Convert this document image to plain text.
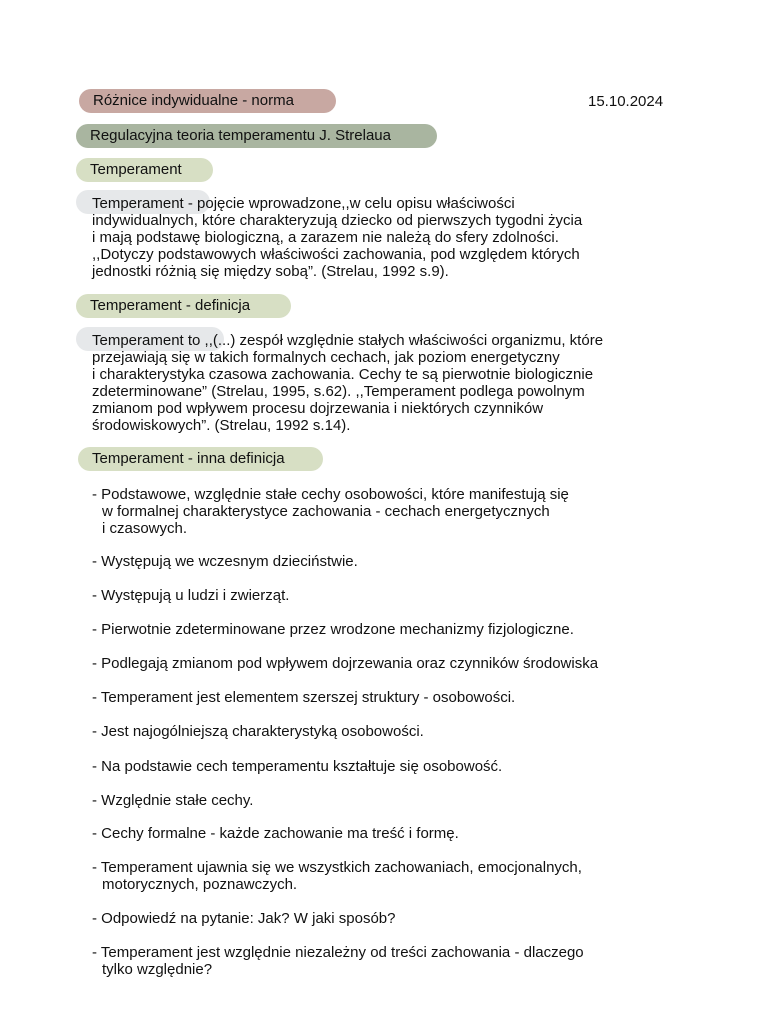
Różnice indywidualne - norma	15.10.2024
Regulacyjna teoria temperamentu J. Strelaua
Temperament

Temperament - pojęcie wprowadzone,,w celu opisu właściwości
indywidualnych, które charakteryzują dziecko od pierwszych tygodni życia
i mają podstawę biologiczną, a zarazem nie należą do sfery zdolności.
,,Dotyczy podstawowych właściwości zachowania, pod względem których
jednostki różnią się między sobą”. (Strelau, 1992 s.9).

Temperament - definicja

Temperament to ,,(...) zespół względnie stałych właściwości organizmu, które
przejawiają się w takich formalnych cechach, jak poziom energetyczny
i charakterystyka czasowa zachowania. Cechy te są pierwotnie biologicznie
zdeterminowane” (Strelau, 1995, s.62). ,,Temperament podlega powolnym
zmianom pod wpływem procesu dojrzewania i niektórych czynników
środowiskowych”. (Strelau, 1992 s.14).

Temperament - inna definicja
- Podstawowe, względnie stałe cechy osobowości, które manifestują się
w formalnej charakterystyce zachowania - cechach energetycznych
i czasowych.
- Występują we wczesnym dzieciństwie.
- Występują u ludzi i zwierząt.
- Pierwotnie zdeterminowane przez wrodzone mechanizmy fizjologiczne.
- Podlegają zmianom pod wpływem dojrzewania oraz czynników środowiska
- Temperament jest elementem szerszej struktury - osobowości.
- Jest najogólniejszą charakterystyką osobowości.
- Na podstawie cech temperamentu kształtuje się osobowość.
- Względnie stałe cechy.
- Cechy formalne - każde zachowanie ma treść i formę.
- Temperament ujawnia się we wszystkich zachowaniach, emocjonalnych,
motorycznych, poznawczych.
- Odpowiedź na pytanie: Jak? W jaki sposób?
- Temperament jest względnie niezależny od treści zachowania - dlaczego
tylko względnie?
